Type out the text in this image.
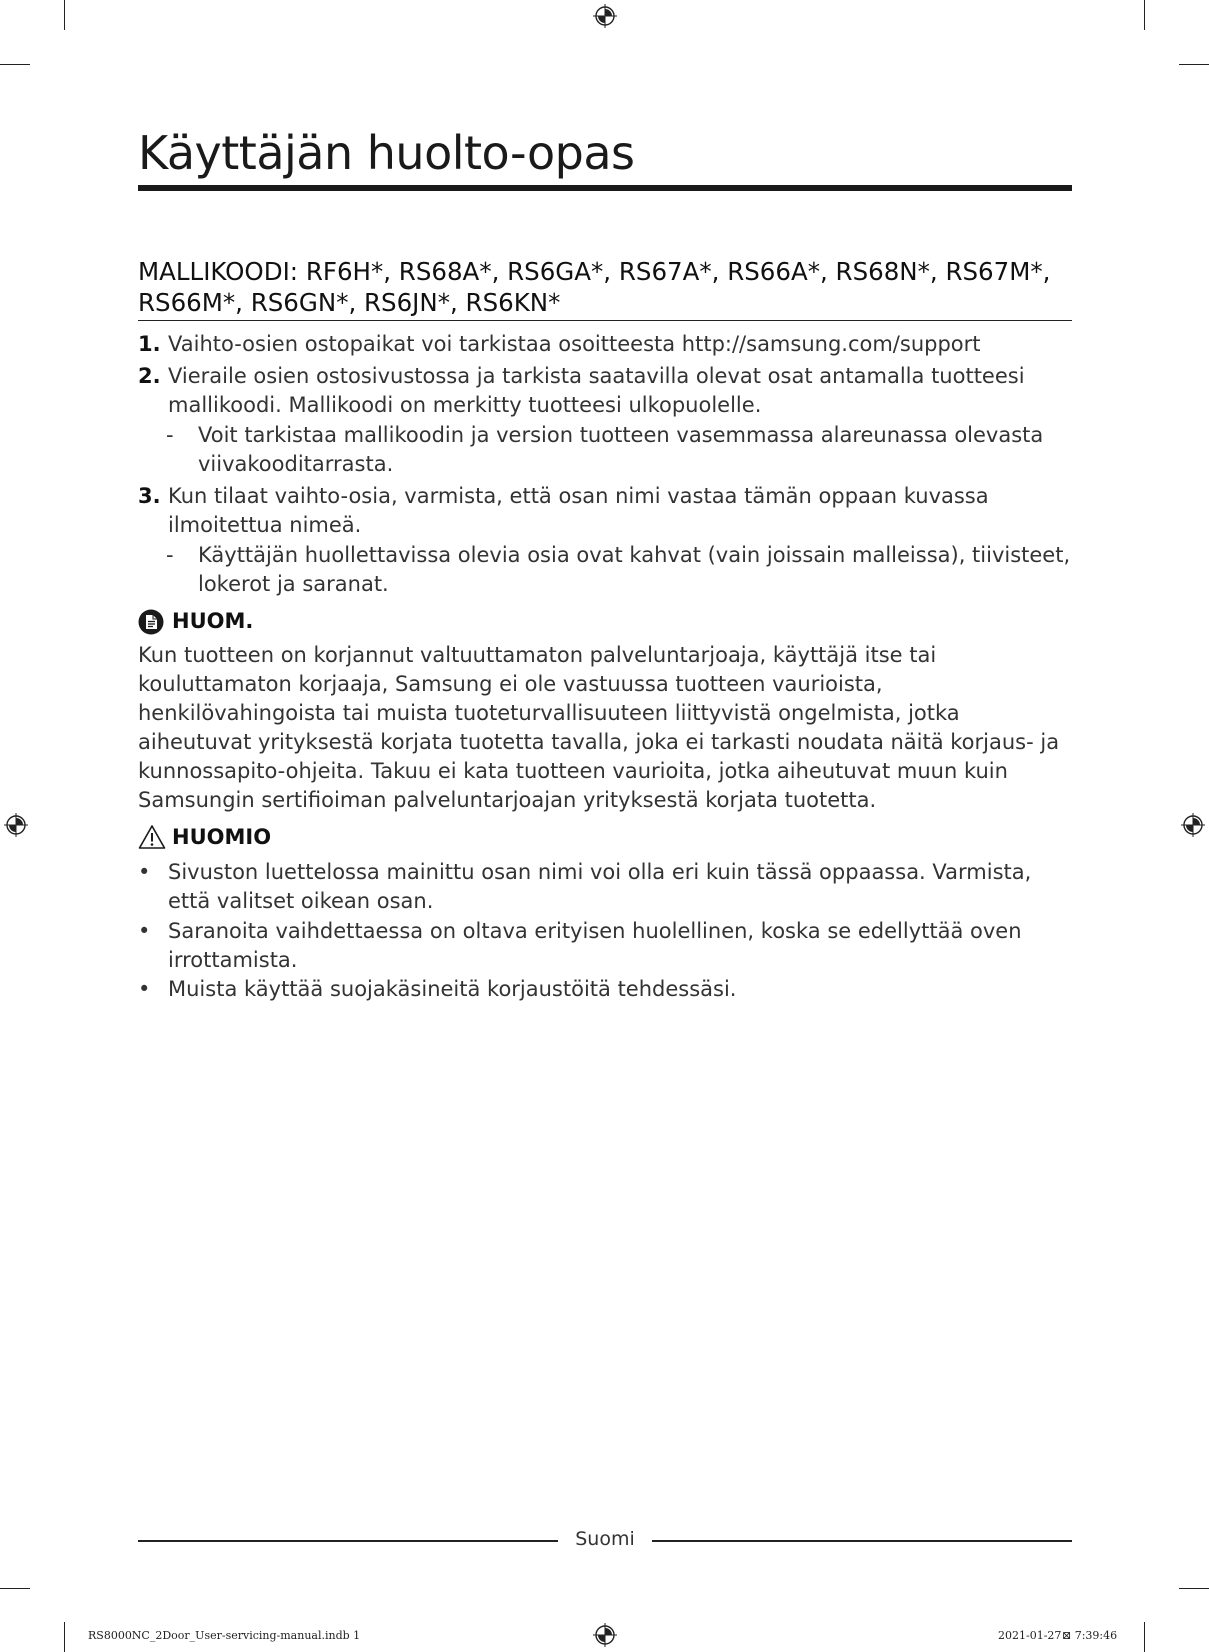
Käyttäjän huolto-opas
MALLIKOODI: RF6H*, RS68A*, RS6GA*, RS67A*, RS66A*, RS68N*, RS67M*, RS66M*, RS6GN*, RS6JN*, RS6KN*
1. Vaihto-osien ostopaikat voi tarkistaa osoitteesta http://samsung.com/support
2. Vieraile osien ostosivustossa ja tarkista saatavilla olevat osat antamalla tuotteesi mallikoodi. Mallikoodi on merkitty tuotteesi ulkopuolelle.
- Voit tarkistaa mallikoodin ja version tuotteen vasemmassa alareunassa olevasta viivakooditarrasta.
3. Kun tilaat vaihto-osia, varmista, että osan nimi vastaa tämän oppaan kuvassa ilmoitettua nimeä.
- Käyttäjän huollettavissa olevia osia ovat kahvat (vain joissain malleissa), tiivisteet, lokerot ja saranat.
HUOM.
Kun tuotteen on korjannut valtuuttamaton palveluntarjoaja, käyttäjä itse tai kouluttamaton korjaaja, Samsung ei ole vastuussa tuotteen vaurioista, henkilövahingoista tai muista tuoteturvallisuuteen liittyvistä ongelmista, jotka aiheutuvat yrityksestä korjata tuotetta tavalla, joka ei tarkasti noudata näitä korjaus- ja kunnossapito-ohjeita. Takuu ei kata tuotteen vaurioita, jotka aiheutuvat muun kuin Samsungin sertifioiman palveluntarjoajan yrityksestä korjata tuotetta.
HUOMIO
• Sivuston luettelossa mainittu osan nimi voi olla eri kuin tässä oppaassa. Varmista, että valitset oikean osan.
• Saranoita vaihdettaessa on oltava erityisen huolellinen, koska se edellyttää oven irrottamista.
• Muista käyttää suojakäsineitä korjaustöitä tehdessäsi.
Suomi
RS8000NC_2Door_User-servicing-manual.indb 1	2021-01-27 ⊠ 7:39:46
